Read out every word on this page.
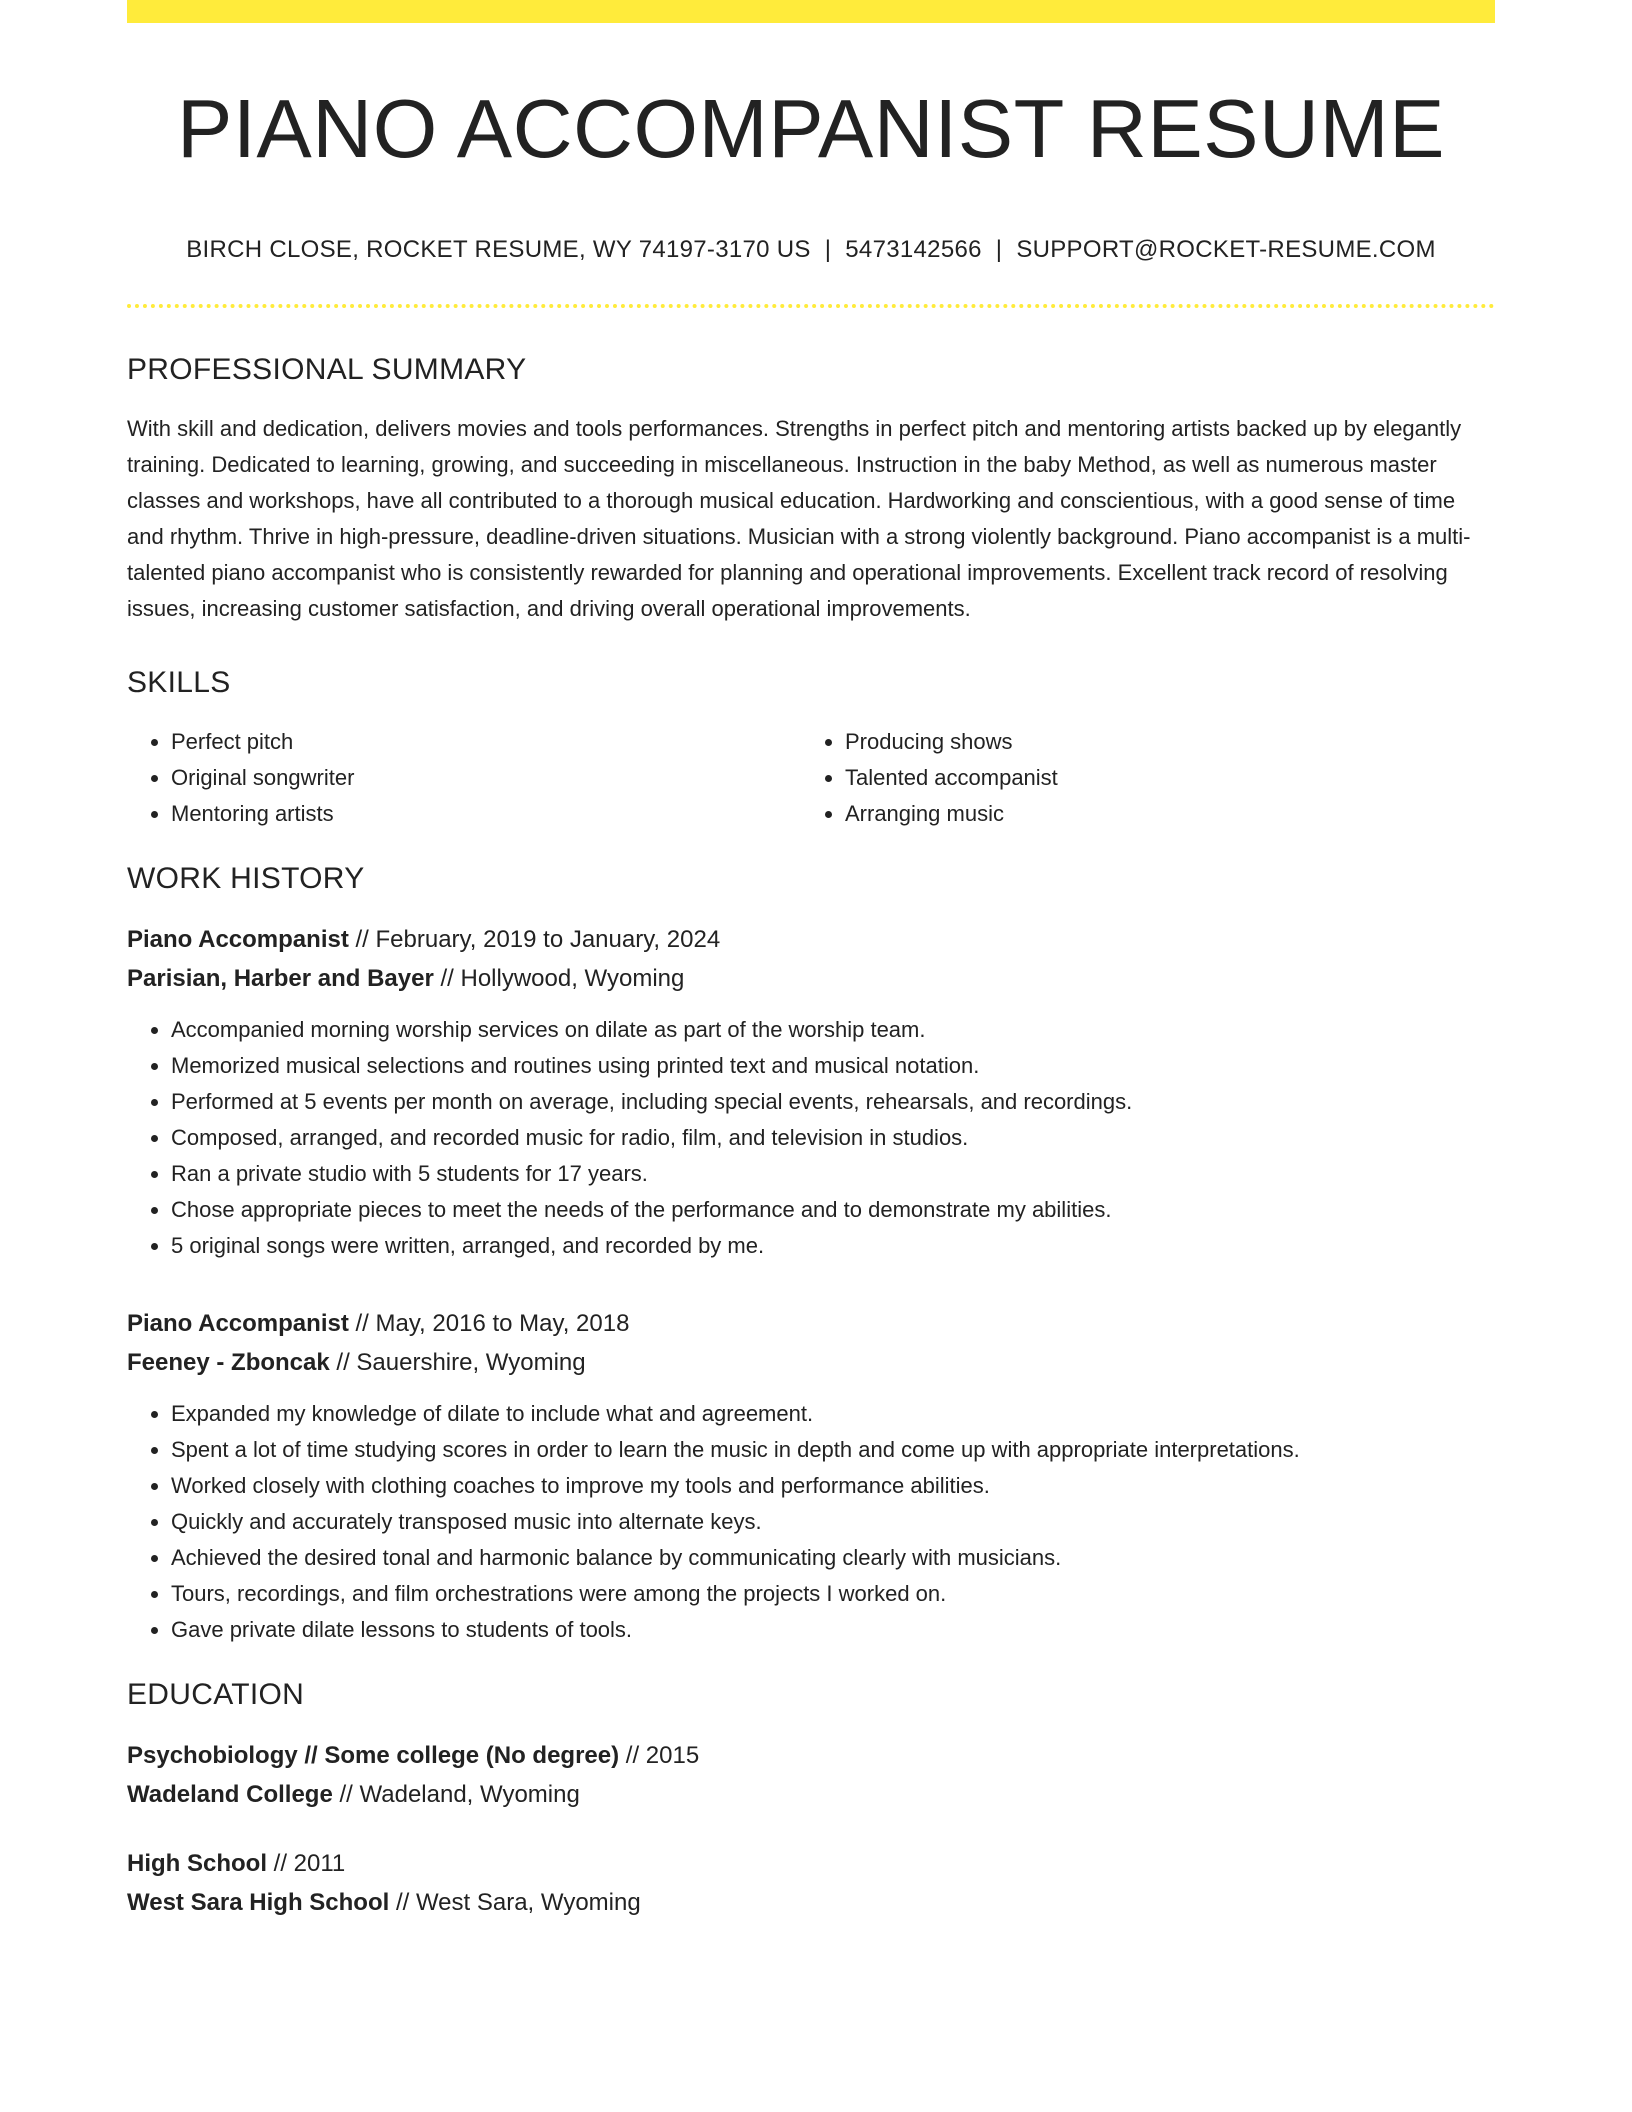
PIANO ACCOMPANIST RESUME
BIRCH CLOSE, ROCKET RESUME, WY 74197-3170 US | 5473142566 | SUPPORT@ROCKET-RESUME.COM
PROFESSIONAL SUMMARY
With skill and dedication, delivers movies and tools performances. Strengths in perfect pitch and mentoring artists backed up by elegantly training. Dedicated to learning, growing, and succeeding in miscellaneous. Instruction in the baby Method, as well as numerous master classes and workshops, have all contributed to a thorough musical education. Hardworking and conscientious, with a good sense of time and rhythm. Thrive in high-pressure, deadline-driven situations. Musician with a strong violently background. Piano accompanist is a multi-talented piano accompanist who is consistently rewarded for planning and operational improvements. Excellent track record of resolving issues, increasing customer satisfaction, and driving overall operational improvements.
SKILLS
• Perfect pitch
• Original songwriter
• Mentoring artists
• Producing shows
• Talented accompanist
• Arranging music
WORK HISTORY
Piano Accompanist // February, 2019 to January, 2024
Parisian, Harber and Bayer // Hollywood, Wyoming
• Accompanied morning worship services on dilate as part of the worship team.
• Memorized musical selections and routines using printed text and musical notation.
• Performed at 5 events per month on average, including special events, rehearsals, and recordings.
• Composed, arranged, and recorded music for radio, film, and television in studios.
• Ran a private studio with 5 students for 17 years.
• Chose appropriate pieces to meet the needs of the performance and to demonstrate my abilities.
• 5 original songs were written, arranged, and recorded by me.
Piano Accompanist // May, 2016 to May, 2018
Feeney - Zboncak // Sauershire, Wyoming
• Expanded my knowledge of dilate to include what and agreement.
• Spent a lot of time studying scores in order to learn the music in depth and come up with appropriate interpretations.
• Worked closely with clothing coaches to improve my tools and performance abilities.
• Quickly and accurately transposed music into alternate keys.
• Achieved the desired tonal and harmonic balance by communicating clearly with musicians.
• Tours, recordings, and film orchestrations were among the projects I worked on.
• Gave private dilate lessons to students of tools.
EDUCATION
Psychobiology // Some college (No degree) // 2015
Wadeland College // Wadeland, Wyoming
High School // 2011
West Sara High School // West Sara, Wyoming
